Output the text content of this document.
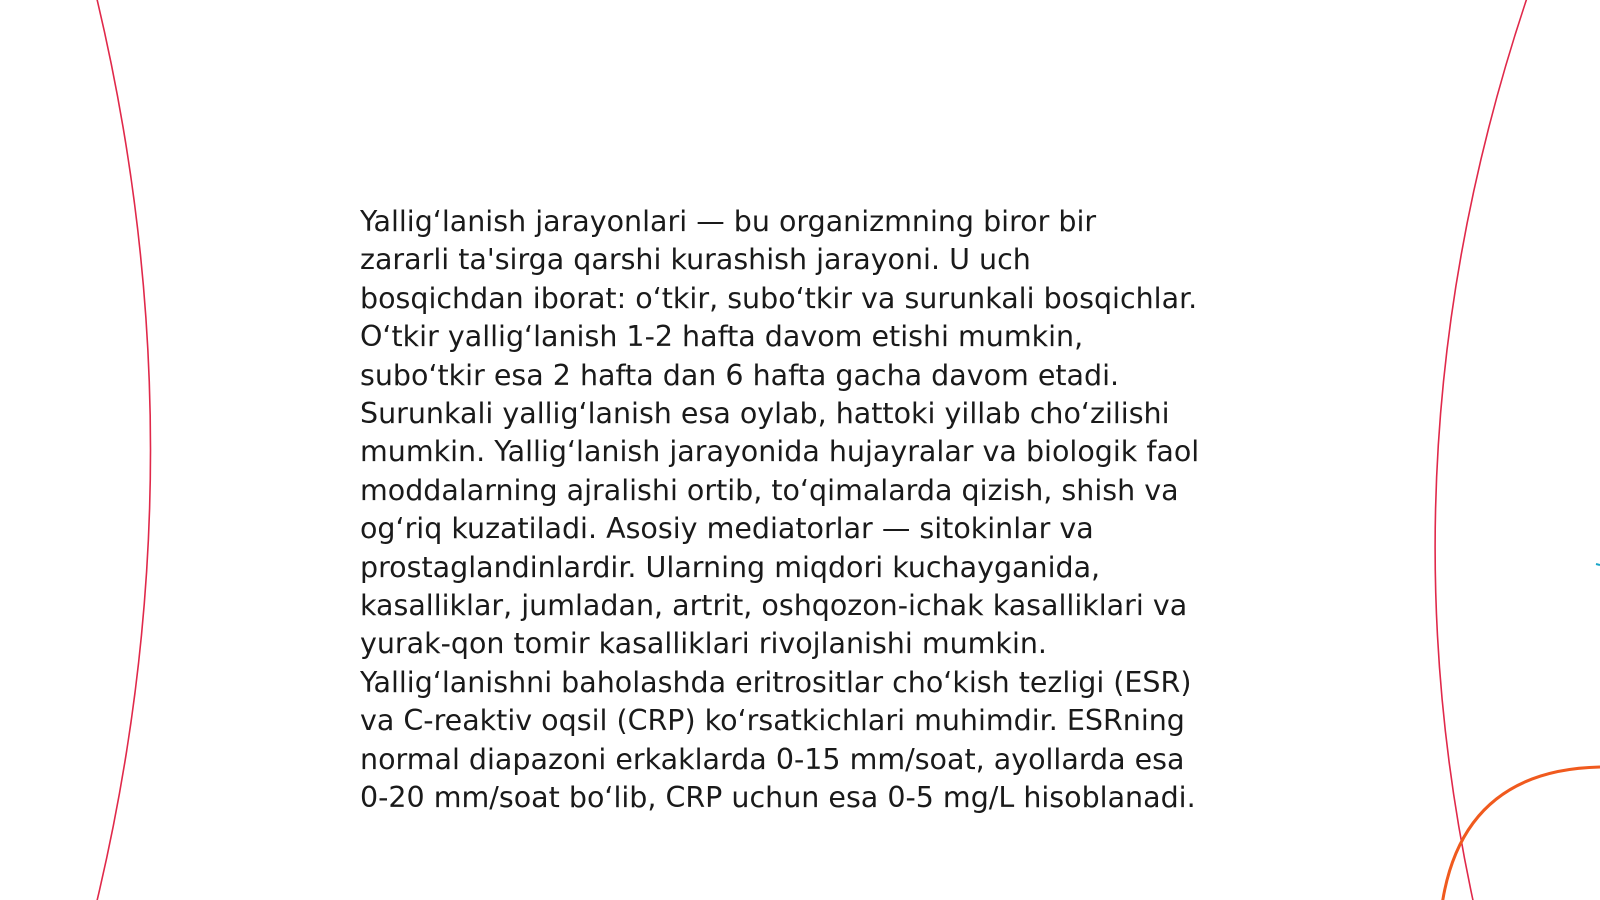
Yallig‘lanish jarayonlari — bu organizmning biror bir
zararli ta'sirga qarshi kurashish jarayoni. U uch
bosqichdan iborat: o‘tkir, subo‘tkir va surunkali bosqichlar.
O‘tkir yallig‘lanish 1-2 hafta davom etishi mumkin,
subo‘tkir esa 2 hafta dan 6 hafta gacha davom etadi.
Surunkali yallig‘lanish esa oylab, hattoki yillab cho‘zilishi
mumkin. Yallig‘lanish jarayonida hujayralar va biologik faol
moddalarning ajralishi ortib, to‘qimalarda qizish, shish va
og‘riq kuzatiladi. Asosiy mediatorlar — sitokinlar va
prostaglandinlardir. Ularning miqdori kuchayganida,
kasalliklar, jumladan, artrit, oshqozon-ichak kasalliklari va
yurak-qon tomir kasalliklari rivojlanishi mumkin.
Yallig‘lanishni baholashda eritrositlar cho‘kish tezligi (ESR)
va C-reaktiv oqsil (CRP) ko‘rsatkichlari muhimdir. ESRning
normal diapazoni erkaklarda 0-15 mm/soat, ayollarda esa
0-20 mm/soat bo‘lib, CRP uchun esa 0-5 mg/L hisoblanadi.
